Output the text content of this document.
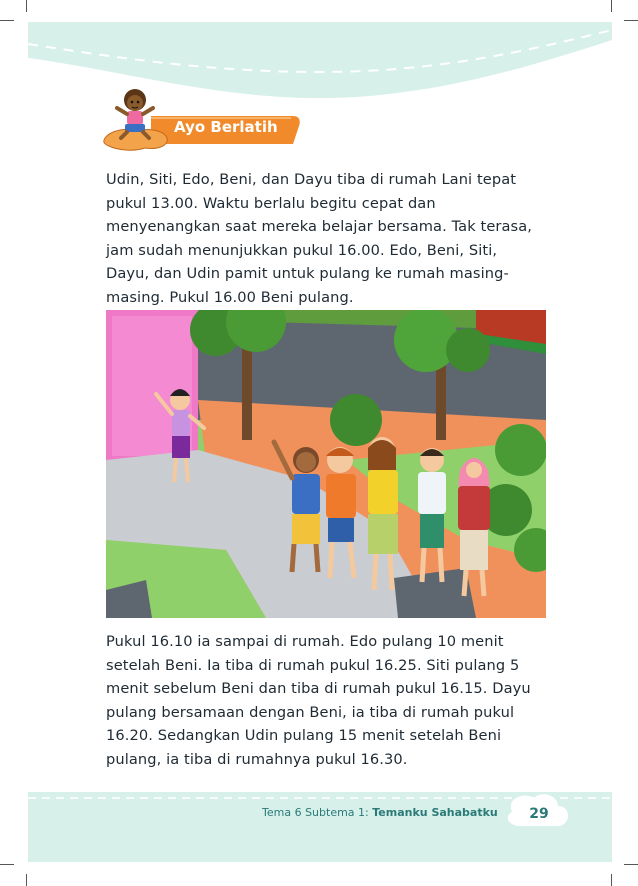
Ayo Berlatih

Udin, Siti, Edo, Beni, dan Dayu tiba di rumah Lani tepat pukul 13.00. Waktu berlalu begitu cepat dan menyenangkan saat mereka belajar bersama. Tak terasa, jam sudah menunjukkan pukul 16.00. Edo, Beni, Siti, Dayu, dan Udin pamit untuk pulang ke rumah masing-masing. Pukul 16.00 Beni pulang.

Pukul 16.10 ia sampai di rumah. Edo pulang 10 menit setelah Beni. Ia tiba di rumah pukul 16.25. Siti pulang 5 menit sebelum Beni dan tiba di rumah pukul 16.15. Dayu pulang bersamaan dengan Beni, ia tiba di rumah pukul 16.20. Sedangkan Udin pulang 15 menit setelah Beni pulang, ia tiba di rumahnya pukul 16.30.

Tema 6 Subtema 1: Temanku Sahabatku	29
